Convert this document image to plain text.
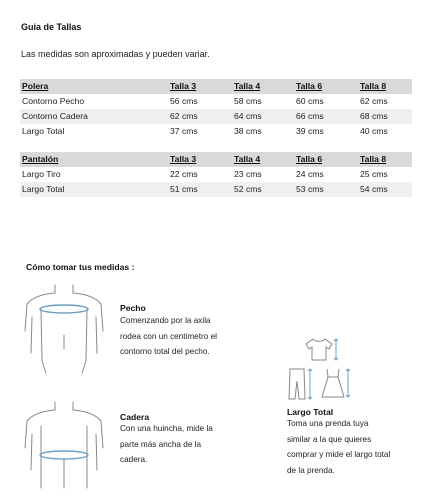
Guia de Tallas
Las medidas son aproximadas y pueden variar.
Polera	Talla 3	Talla 4	Talla 6	Talla 8
Contorno Pecho	56 cms	58 cms	60 cms	62 cms
Contorno Cadera	62 cms	64 cms	66 cms	68 cms
Largo Total	37 cms	38 cms	39 cms	40 cms
Pantalón	Talla 3	Talla 4	Talla 6	Talla 8
Largo Tiro	22 cms	23 cms	24 cms	25 cms
Largo Total	51 cms	52 cms	53 cms	54 cms
Cómo tomar tus medidas :
Pecho
Comenzando por la axila
rodea con un centimetro el
contorno total del pecho.
Cadera
Con una huincha, mide la
parte más ancha de la
cadera.
Largo Total
Toma una prenda tuya
similar a la que quieres
comprar y mide el largo total
de la prenda.
